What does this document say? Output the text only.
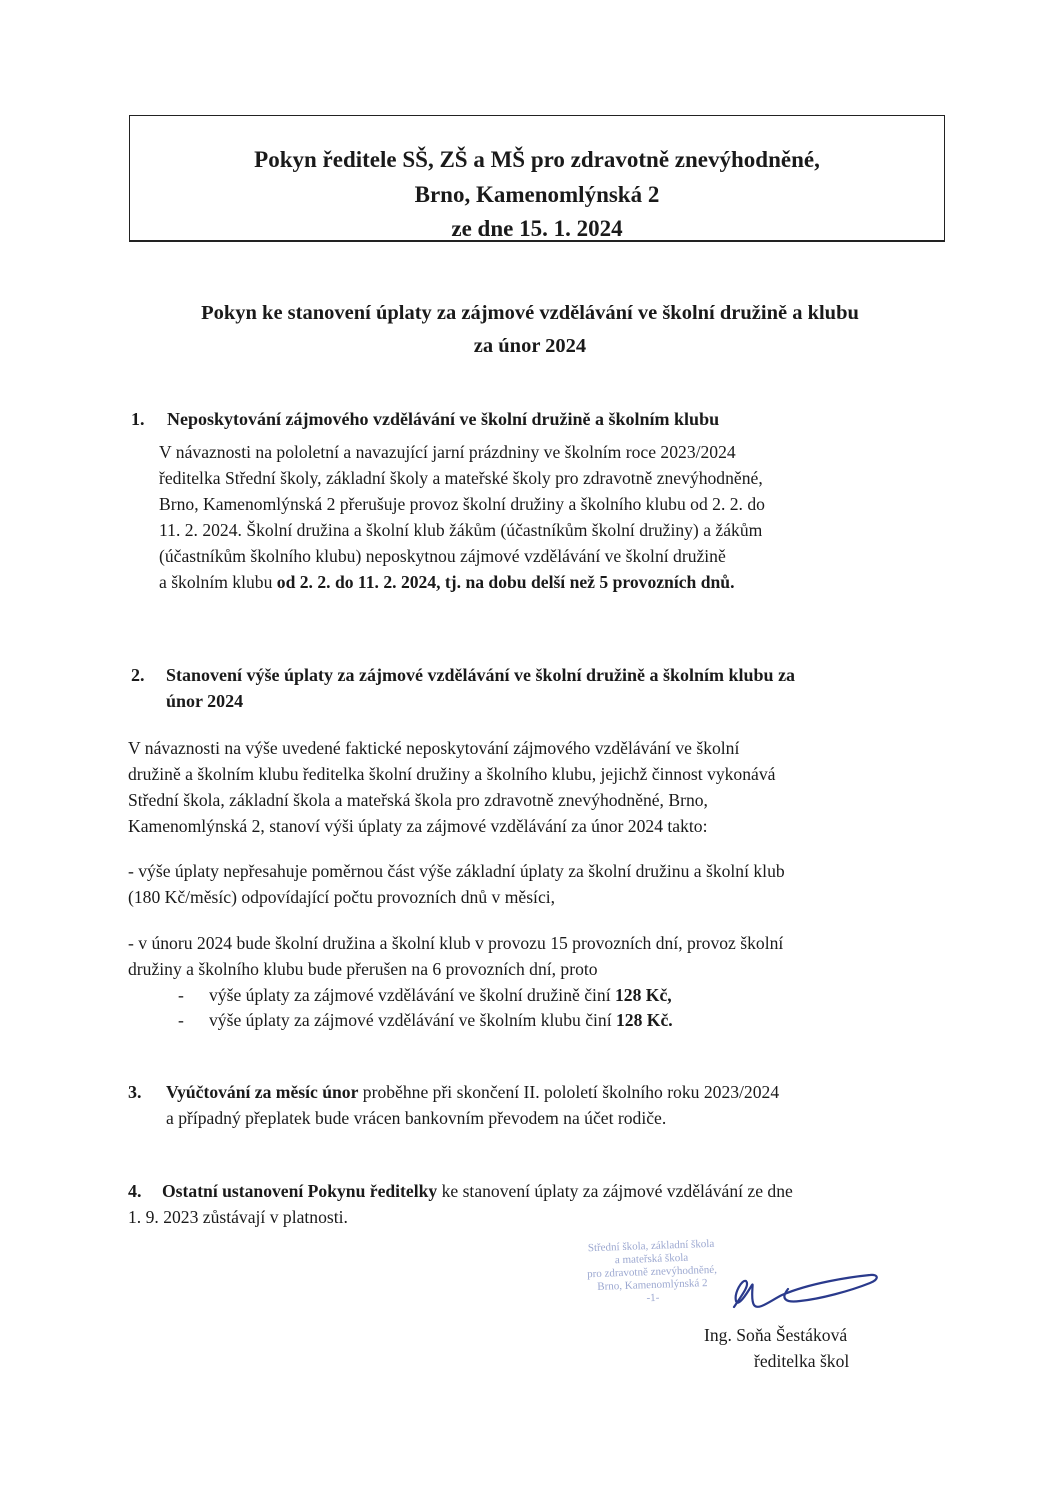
Pokyn ředitele SŠ, ZŠ a MŠ pro zdravotně znevýhodněné,
Brno, Kamenomlýnská 2
ze dne 15. 1. 2024
Pokyn ke stanovení úplaty za zájmové vzdělávání ve školní družině a klubu
za únor 2024
1. Neposkytování zájmového vzdělávání ve školní družině a školním klubu
V návaznosti na pololetní a navazující jarní prázdniny ve školním roce 2023/2024
ředitelka Střední školy, základní školy a mateřské školy pro zdravotně znevýhodněné,
Brno, Kamenomlýnská 2 přerušuje provoz školní družiny a školního klubu od 2. 2. do
11. 2. 2024. Školní družina a školní klub žákům (účastníkům školní družiny) a žákům
(účastníkům školního klubu) neposkytnou zájmové vzdělávání ve školní družině
a školním klubu od 2. 2. do 11. 2. 2024, tj. na dobu delší než 5 provozních dnů.
2. Stanovení výše úplaty za zájmové vzdělávání ve školní družině a školním klubu za
únor 2024
V návaznosti na výše uvedené faktické neposkytování zájmového vzdělávání ve školní
družině a školním klubu ředitelka školní družiny a školního klubu, jejichž činnost vykonává
Střední škola, základní škola a mateřská škola pro zdravotně znevýhodněné, Brno,
Kamenomlýnská 2, stanoví výši úplaty za zájmové vzdělávání za únor 2024 takto:
- výše úplaty nepřesahuje poměrnou část výše základní úplaty za školní družinu a školní klub
(180 Kč/měsíc) odpovídající počtu provozních dnů v měsíci,
- v únoru 2024 bude školní družina a školní klub v provozu 15 provozních dní, provoz školní
družiny a školního klubu bude přerušen na 6 provozních dní, proto
- výše úplaty za zájmové vzdělávání ve školní družině činí 128 Kč,
- výše úplaty za zájmové vzdělávání ve školním klubu činí 128 Kč.
3. Vyúčtování za měsíc únor proběhne při skončení II. pololetí školního roku 2023/2024
a případný přeplatek bude vrácen bankovním převodem na účet rodiče.
4. Ostatní ustanovení Pokynu ředitelky ke stanovení úplaty za zájmové vzdělávání ze dne
1. 9. 2023 zůstávají v platnosti.
Střední škola, základní škola
a mateřská škola
pro zdravotně znevýhodněné,
Brno, Kamenomlýnská 2
-1-
Ing. Soňa Šestáková
ředitelka škol
